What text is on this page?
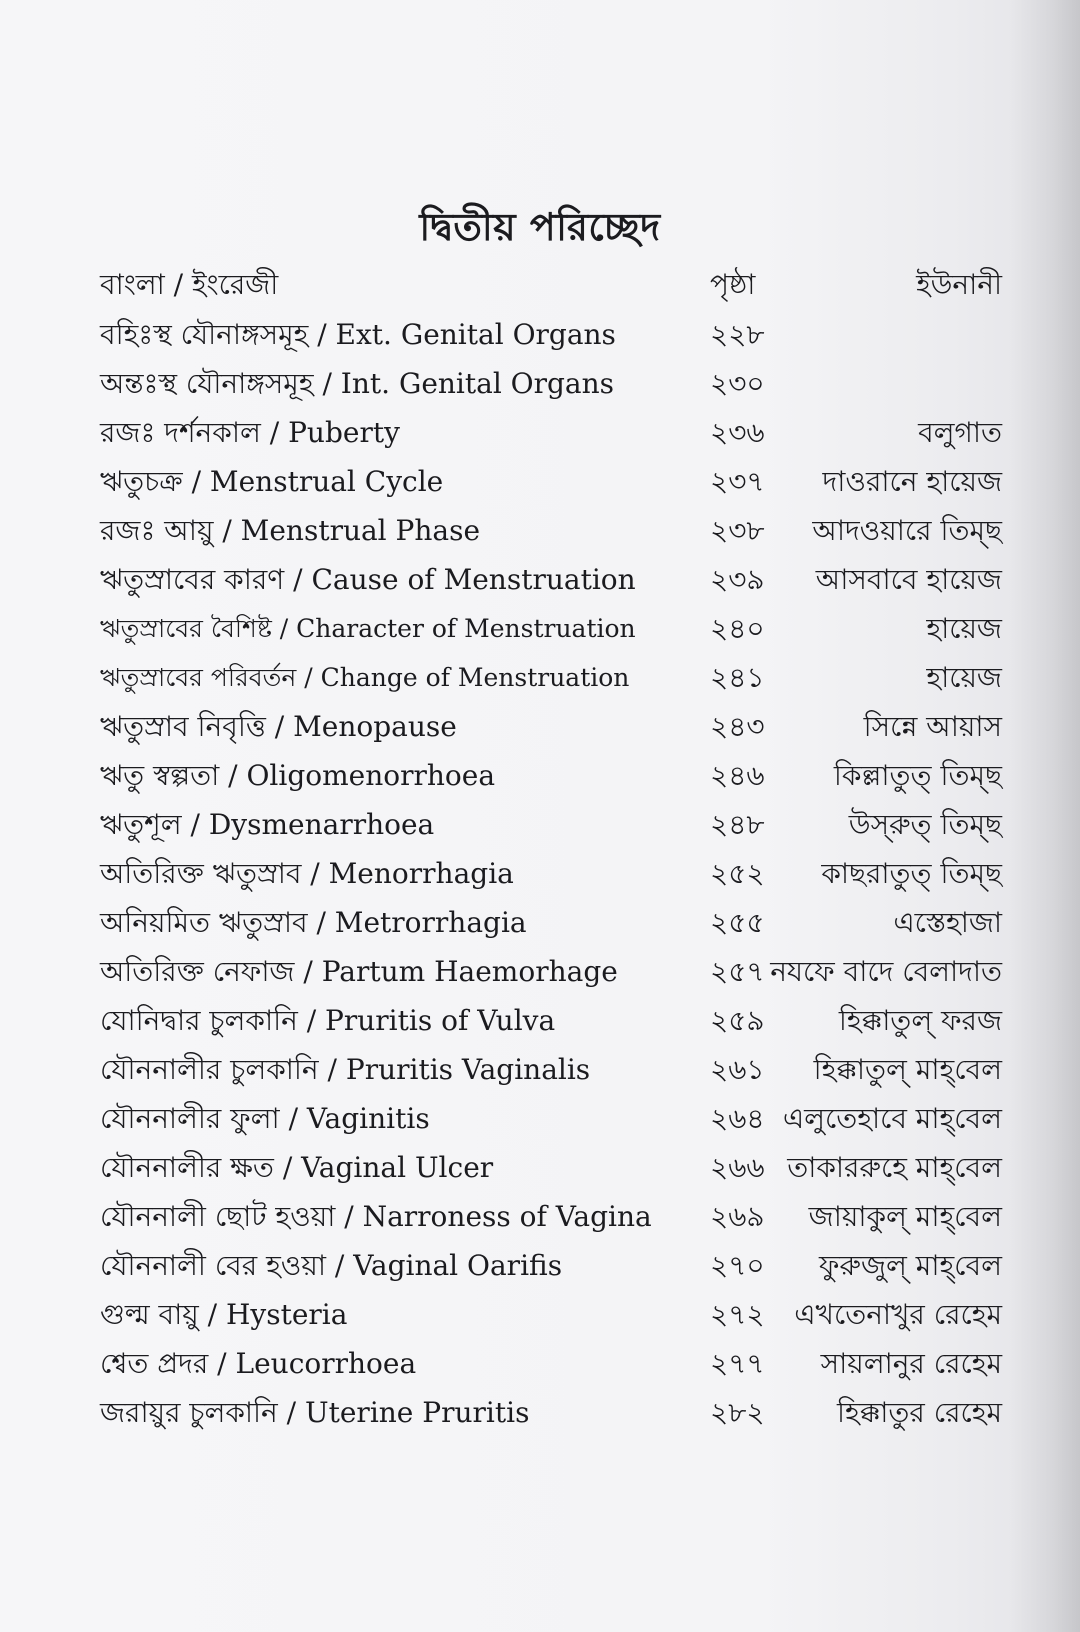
দ্বিতীয় পরিচ্ছেদ
বাংলা / ইংরেজী	পৃষ্ঠা	ইউনানী
বহিঃস্থ যৌনাঙ্গসমূহ / Ext. Genital Organs	২২৮
অন্তঃস্থ যৌনাঙ্গসমূহ / Int. Genital Organs	২৩০
রজঃ দর্শনকাল / Puberty	২৩৬	বলুগাত
ঋতুচক্র / Menstrual Cycle	২৩৭ দাওরানে হায়েজ
রজঃ আয়ু / Menstrual Phase	২৩৮ আদওয়ারে তিম্‌ছ
ঋতুস্রাবের কারণ / Cause of Menstruation	২৩৯ আসবাবে হায়েজ
ঋতুস্রাবের বৈশিষ্ট / Character of Menstruation	২৪০	হায়েজ
ঋতুস্রাবের পরিবর্তন / Change of Menstruation	২৪১	হায়েজ
ঋতুস্রাব নিবৃত্তি / Menopause	২৪৩	সিন্নে আয়াস
ঋতু স্বল্পতা / Oligomenorrhoea	২৪৬ কিল্লাতুত্‌ তিম্‌ছ
ঋতুশূল / Dysmenarrhoea	২৪৮	উস্‌রুত্‌ তিম্‌ছ
অতিরিক্ত ঋতুস্রাব / Menorrhagia	২৫২ কাছরাতুত্‌ তিম্‌ছ
অনিয়মিত ঋতুস্রাব / Metrorrhagia	২৫৫	এস্তেহাজা
অতিরিক্ত নেফাজ / Partum Haemorhage	২৫৭ নযফে বাদে বেলাদাত
যোনিদ্বার চুলকানি / Pruritis of Vulva	২৫৯	হিক্কাতুল্‌ ফরজ
যৌননালীর চুলকানি / Pruritis Vaginalis	২৬১ হিক্কাতুল্‌ মাহ্‌বেল
যৌননালীর ফুলা / Vaginitis	২৬৪ এলুতেহাবে মাহ্‌বেল
যৌননালীর ক্ষত / Vaginal Ulcer	২৬৬ তাকাররুহে মাহ্‌বেল
যৌননালী ছোট হওয়া / Narroness of Vagina ২৬৯ জায়াকুল্‌ মাহ্‌বেল
যৌননালী বের হওয়া / Vaginal Oarifis	২৭০ ফুরুজুল্‌ মাহ্‌বেল
গুল্ম বায়ু / Hysteria	২৭২ এখতেনাখুর রেহেম
শ্বেত প্রদর / Leucorrhoea	২৭৭ সায়লানুর রেহেম
জরায়ুর চুলকানি / Uterine Pruritis	২৮২	হিক্কাতুর রেহেম
